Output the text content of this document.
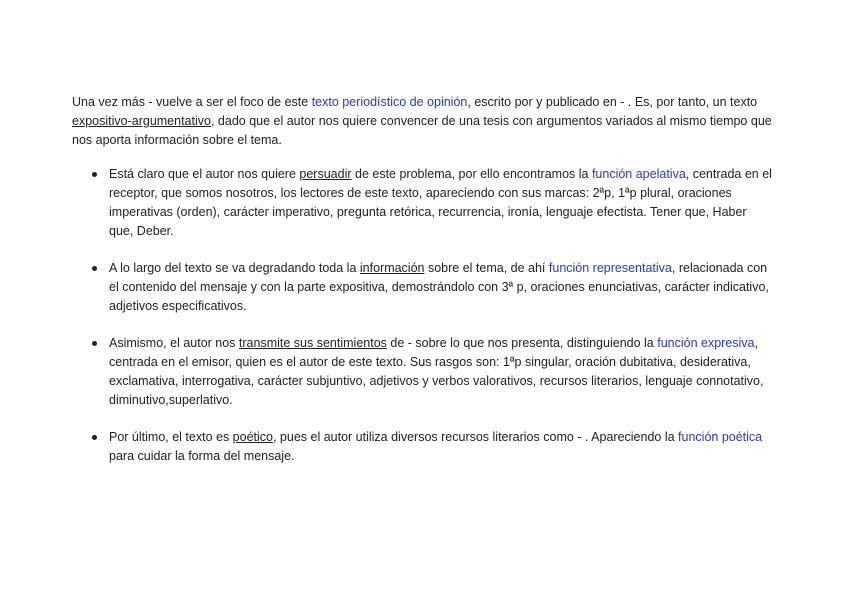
Una vez más - vuelve a ser el foco de este texto periodístico de opinión, escrito por y publicado en - . Es, por tanto, un texto expositivo-argumentativo, dado que el autor nos quiere convencer de una tesis con argumentos variados al mismo tiempo que nos aporta información sobre el tema.

Está claro que el autor nos quiere persuadir de este problema, por ello encontramos la función apelativa, centrada en el receptor, que somos nosotros, los lectores de este texto, apareciendo con sus marcas: 2ªp, 1ªp plural, oraciones imperativas (orden), carácter imperativo, pregunta retórica, recurrencia, ironía, lenguaje efectista. Tener que, Haber que, Deber.
A lo largo del texto se va degradando toda la información sobre el tema, de ahí función representativa, relacionada con el contenido del mensaje y con la parte expositiva, demostrándolo con 3ª p, oraciones enunciativas, carácter indicativo, adjetivos especificativos.
Asimismo, el autor nos transmite sus sentimientos de - sobre lo que nos presenta, distinguiendo la función expresiva, centrada en el emisor, quien es el autor de este texto. Sus rasgos son: 1ªp singular, oración dubitativa, desiderativa, exclamativa, interrogativa, carácter subjuntivo, adjetivos y verbos valorativos, recursos literarios, lenguaje connotativo, diminutivo,superlativo.
Por último, el texto es poético, pues el autor utiliza diversos recursos literarios como - . Apareciendo la función poética para cuidar la forma del mensaje.
